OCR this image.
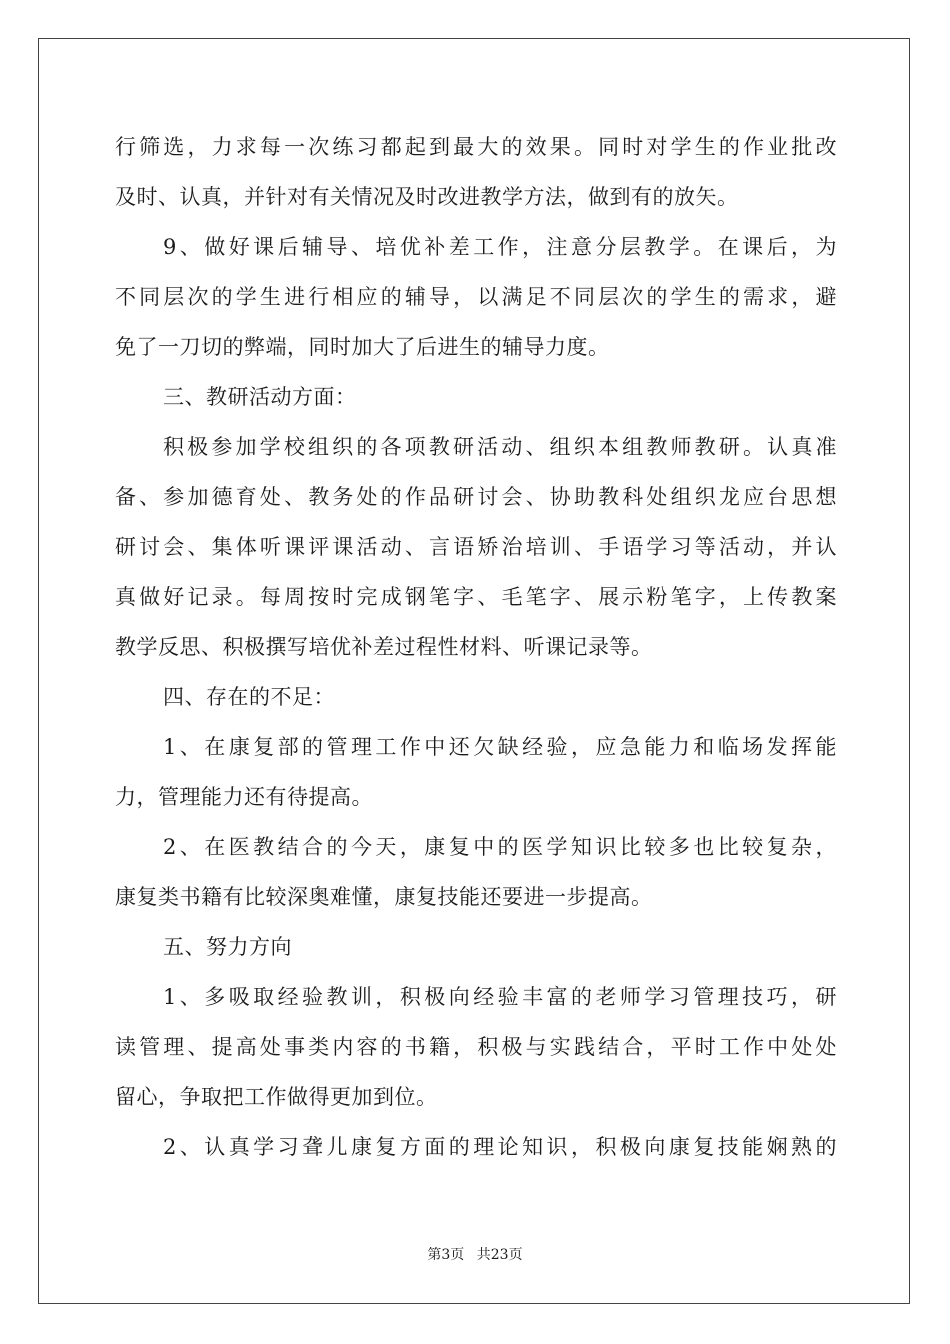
行筛选，力求每一次练习都起到最大的效果。同时对学生的作业批改
及时、认真，并针对有关情况及时改进教学方法，做到有的放矢。
9、做好课后辅导、培优补差工作，注意分层教学。在课后，为
不同层次的学生进行相应的辅导，以满足不同层次的学生的需求，避
免了一刀切的弊端，同时加大了后进生的辅导力度。
三、教研活动方面：
积极参加学校组织的各项教研活动、组织本组教师教研。认真准
备、参加德育处、教务处的作品研讨会、协助教科处组织龙应台思想
研讨会、集体听课评课活动、言语矫治培训、手语学习等活动，并认
真做好记录。每周按时完成钢笔字、毛笔字、展示粉笔字，上传教案
教学反思、积极撰写培优补差过程性材料、听课记录等。
四、存在的不足：
1、在康复部的管理工作中还欠缺经验，应急能力和临场发挥能
力，管理能力还有待提高。
2、在医教结合的今天，康复中的医学知识比较多也比较复杂，
康复类书籍有比较深奥难懂，康复技能还要进一步提高。
五、努力方向
1、多吸取经验教训，积极向经验丰富的老师学习管理技巧，研
读管理、提高处事类内容的书籍，积极与实践结合，平时工作中处处
留心，争取把工作做得更加到位。
2、认真学习聋儿康复方面的理论知识，积极向康复技能娴熟的
第3页 共23页
